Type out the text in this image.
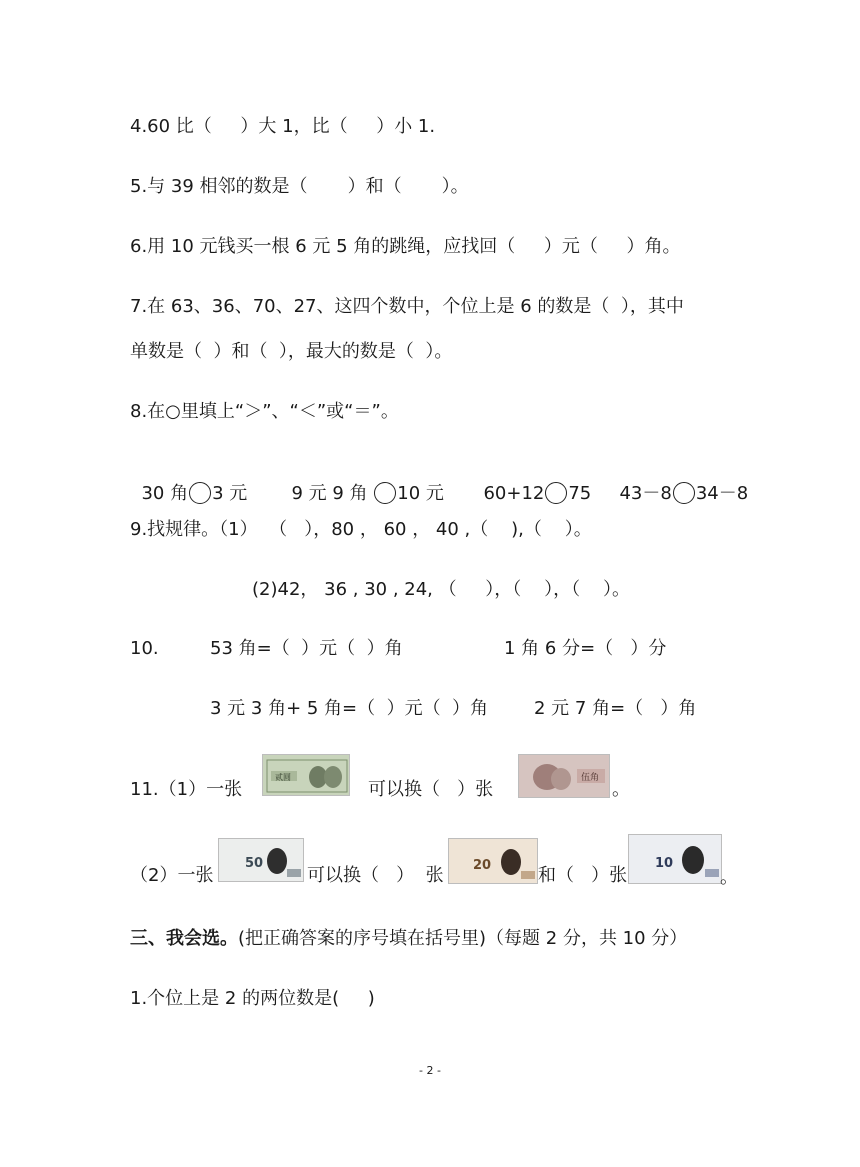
4.60 比（     ）大 1，比（     ）小 1.
5.与 39 相邻的数是（       ）和（       ）。
6.用 10 元钱买一根 6 元 5 角的跳绳，应找回（     ）元（     ）角。
7.在 63、36、70、27、这四个数中，个位上是 6 的数是（  ），其中
单数是（  ）和（  ），最大的数是（  ）。
8.在○里填上“＞”、“＜”或“＝”。

30 角 3 元	9 元 9 角 10 元	60+12 75	43－8 34－8

9.找规律。（1）  （   ），80 ， 60 ， 40 ,（    ),（    ）。
(2)42， 36 , 30 , 24, （     ），（    ），（    ）。
10.	53 角=（  ）元（  ）角	1 角 6 分=（   ）分
3 元 3 角+ 5 角=（  ）元（  ）角	2 元 7 角=（   ）角
11.（1）一张
贰圆
可以换（   ）张
伍角
。
（2）一张
50
可以换（   ）  张 20	和（   ）张
10
。
三、我会选。(把正确答案的序号填在括号里)（每题 2 分，共 10 分）
1.个位上是 2 的两位数是(     )
- 2 -
